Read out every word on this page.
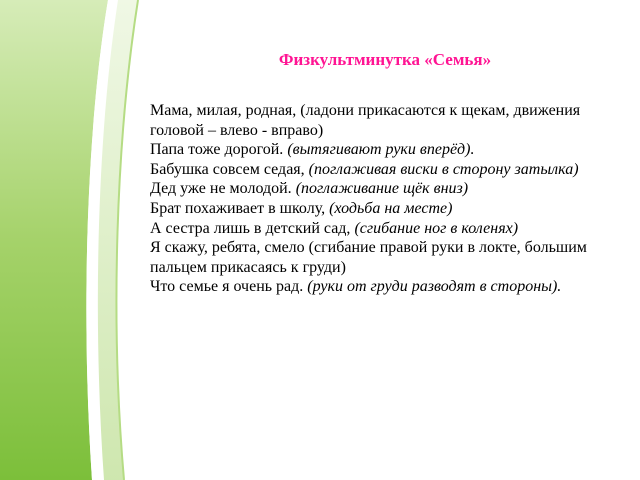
Физкультминутка «Семья»

Мама, милая, родная, (ладони прикасаются к щекам, движения головой – влево - вправо)

Папа тоже дорогой. (вытягивают руки вперёд).

Бабушка совсем седая, (поглаживая виски в сторону затылка)

Дед уже не молодой. (поглаживание щёк вниз)

Брат похаживает в школу, (ходьба на месте)

А сестра лишь в детский сад, (сгибание ног в коленях)

Я скажу, ребята, смело (сгибание правой руки в локте, большим пальцем прикасаясь к груди)

Что семье я очень рад. (руки от груди разводят в стороны).
